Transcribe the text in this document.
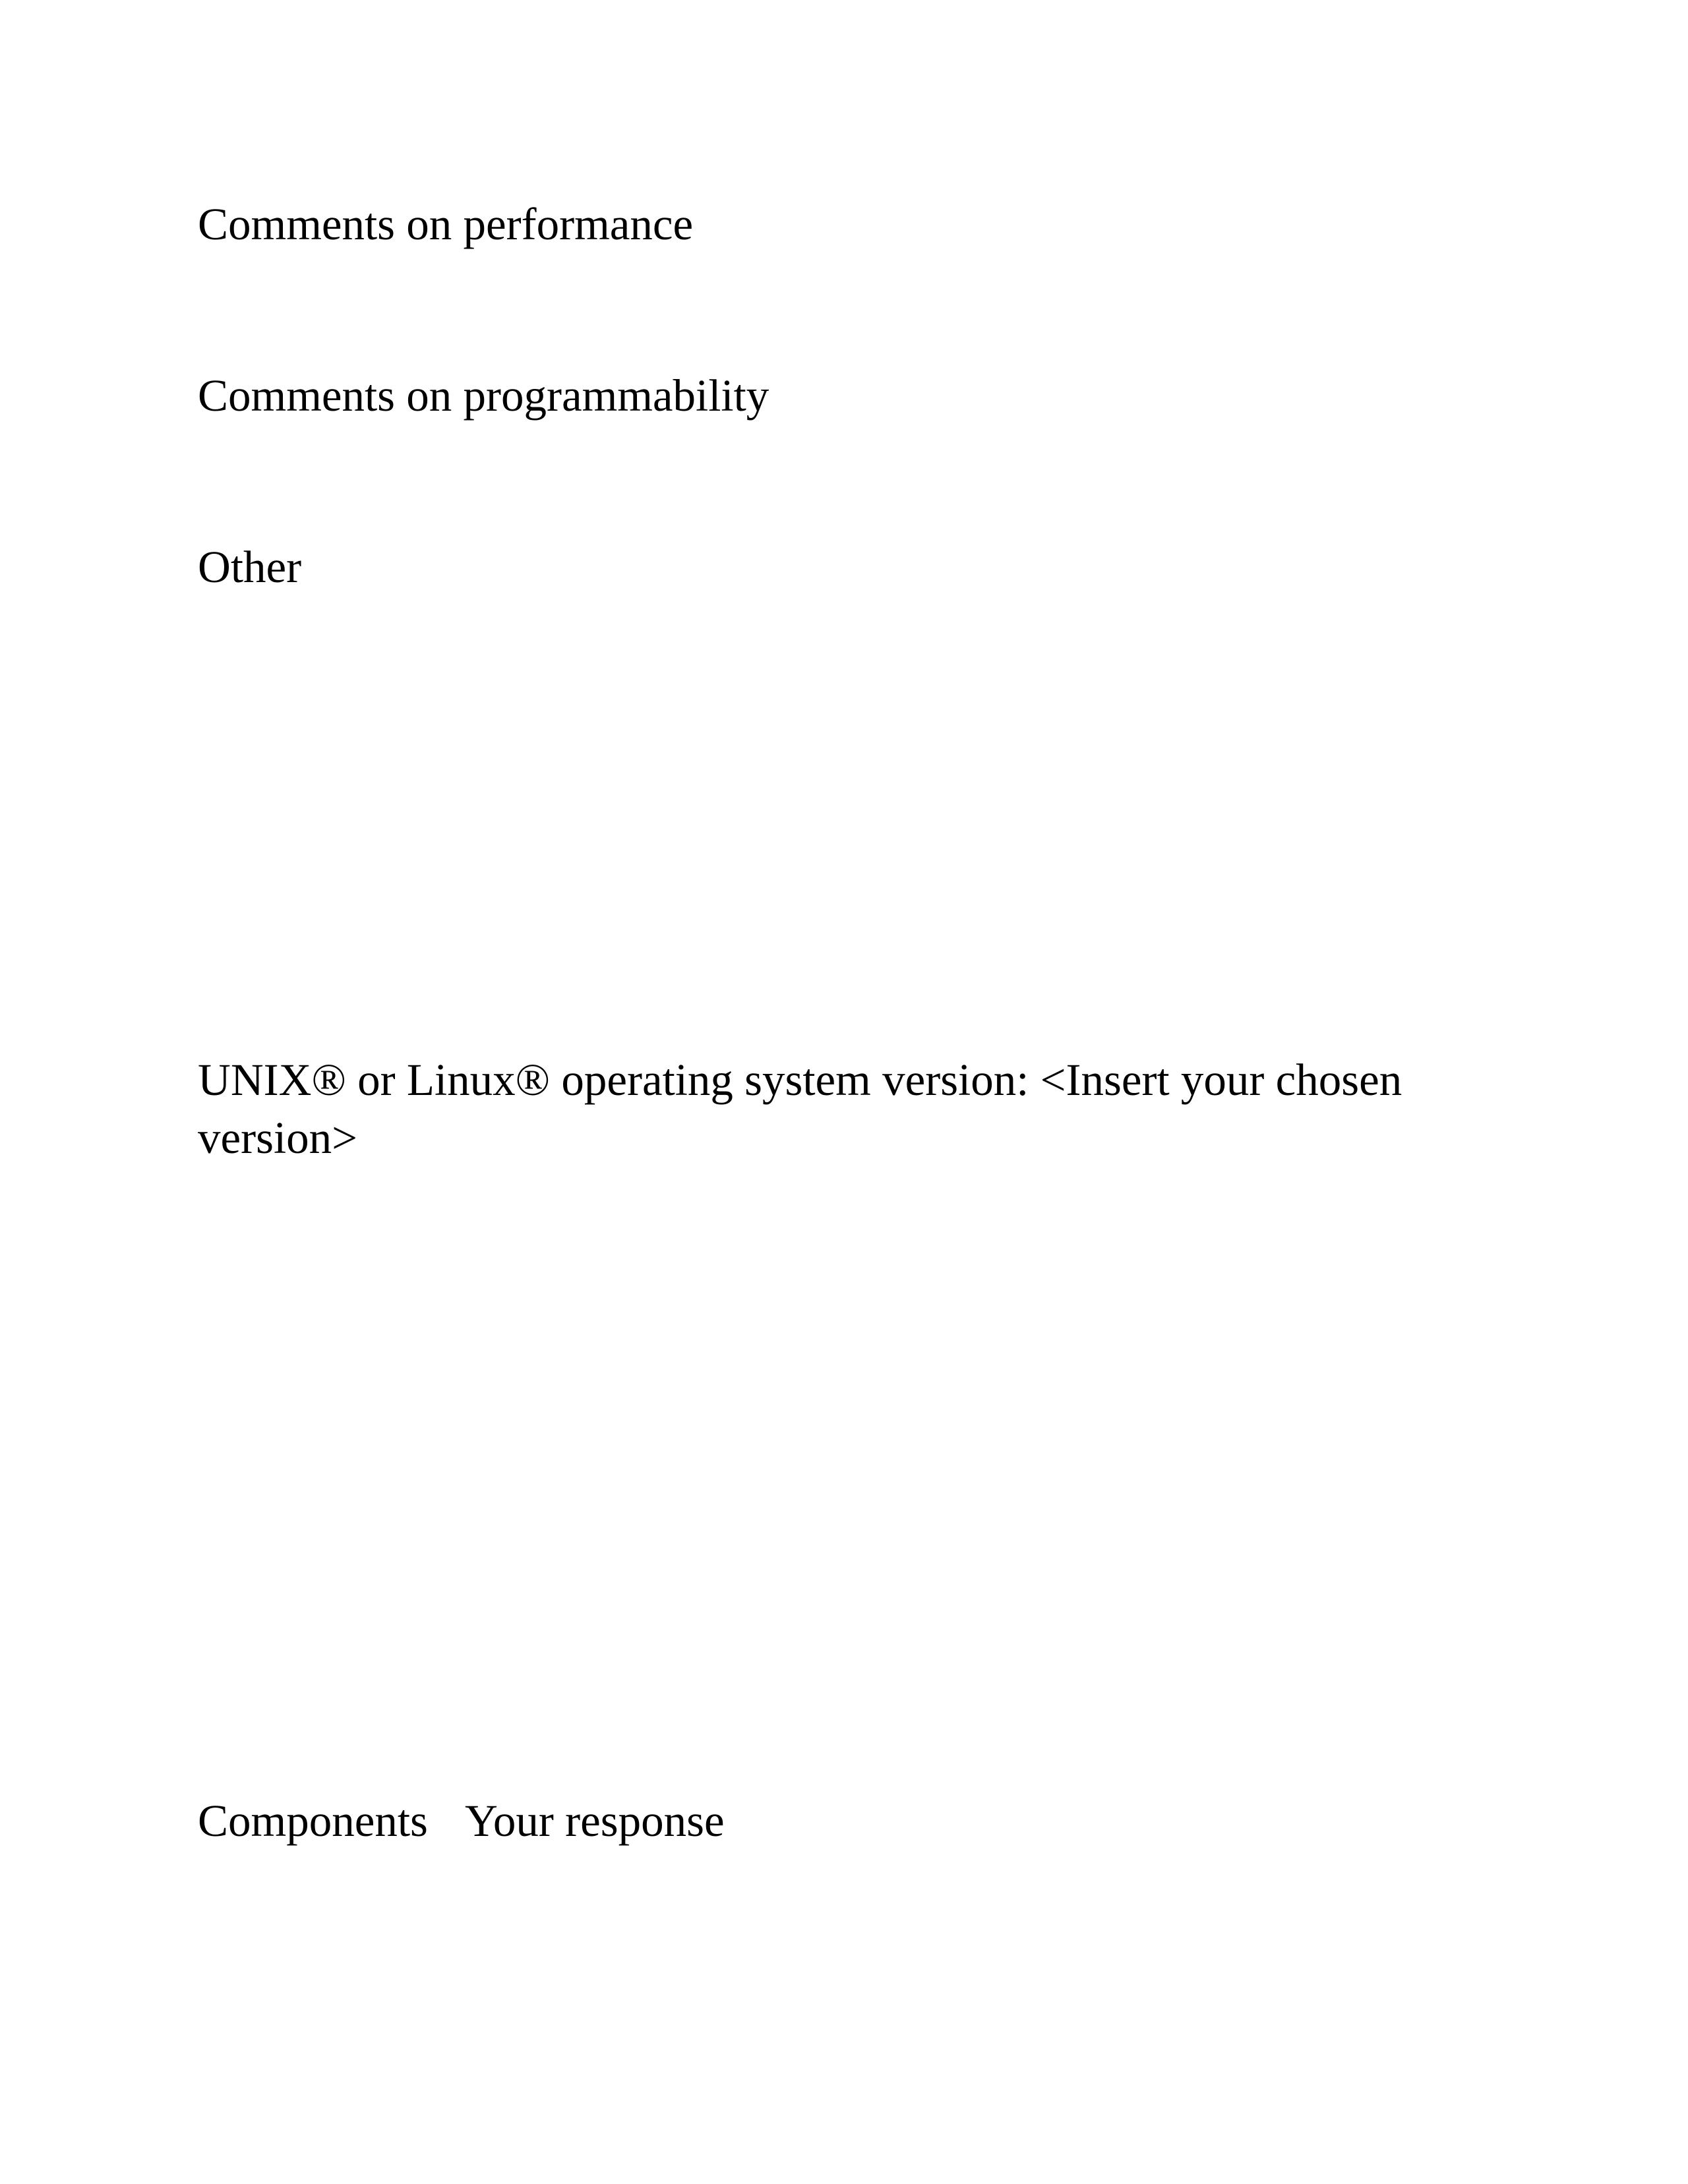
Comments on performance

Comments on programmability

Other

UNIX® or Linux® operating system version: <Insert your chosen version>

Components Your response
